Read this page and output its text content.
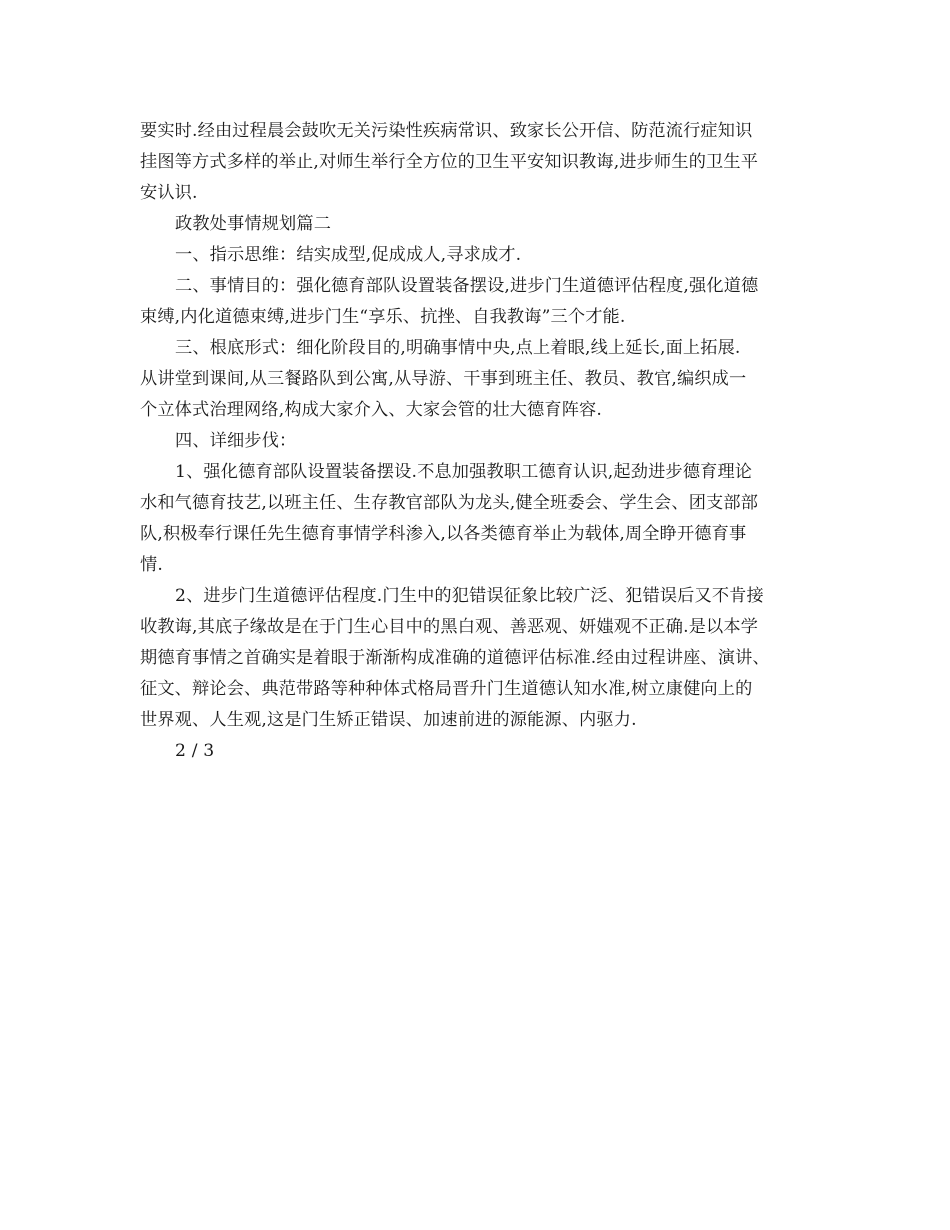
要实时.经由过程晨会鼓吹无关污染性疾病常识、致家长公开信、防范流行症知识
挂图等方式多样的举止,对师生举行全方位的卫生平安知识教诲,进步师生的卫生平
安认识.
政教处事情规划篇二
一、指示思维：结实成型,促成成人,寻求成才.
二、事情目的：强化德育部队设置装备摆设,进步门生道德评估程度,强化道德
束缚,内化道德束缚,进步门生“享乐、抗挫、自我教诲”三个才能.
三、根底形式：细化阶段目的,明确事情中央,点上着眼,线上延长,面上拓展.
从讲堂到课间,从三餐路队到公寓,从导游、干事到班主任、教员、教官,编织成一
个立体式治理网络,构成大家介入、大家会管的壮大德育阵容.
四、详细步伐：
1、强化德育部队设置装备摆设.不息加强教职工德育认识,起劲进步德育理论
水和气德育技艺,以班主任、生存教官部队为龙头,健全班委会、学生会、团支部部
队,积极奉行课任先生德育事情学科渗入,以各类德育举止为载体,周全睁开德育事
情.
2、进步门生道德评估程度.门生中的犯错误征象比较广泛、犯错误后又不肯接
收教诲,其底子缘故是在于门生心目中的黑白观、善恶观、妍媸观不正确.是以本学
期德育事情之首确实是着眼于渐渐构成准确的道德评估标准.经由过程讲座、演讲、
征文、辩论会、典范带路等种种体式格局晋升门生道德认知水准,树立康健向上的
世界观、人生观,这是门生矫正错误、加速前进的源能源、内驱力.
2 / 3
